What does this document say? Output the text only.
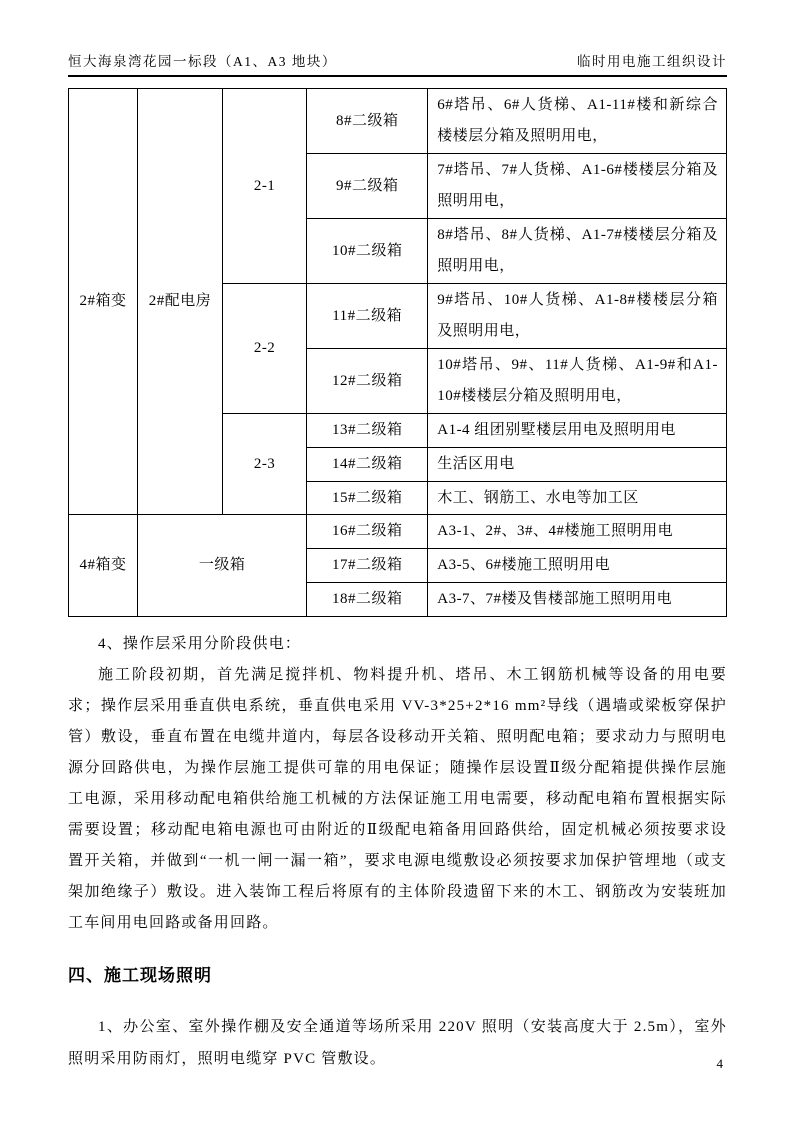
恒大海泉湾花园一标段（A1、A3 地块）	临时用电施工组织设计
2#箱变	2#配电房	2-1	8#二级箱	6#塔吊、6#人货梯、A1-11#楼和新综合楼楼层分箱及照明用电，
			9#二级箱	7#塔吊、7#人货梯、A1-6#楼楼层分箱及照明用电，
			10#二级箱	8#塔吊、8#人货梯、A1-7#楼楼层分箱及照明用电，
		2-2	11#二级箱	9#塔吊、10#人货梯、A1-8#楼楼层分箱及照明用电，
			12#二级箱	10#塔吊、9#、11#人货梯、A1-9#和A1-10#楼楼层分箱及照明用电，
		2-3	13#二级箱	A1-4 组团别墅楼层用电及照明用电
			14#二级箱	生活区用电
			15#二级箱	木工、钢筋工、水电等加工区
4#箱变	一级箱		16#二级箱	A3-1、2#、3#、4#楼施工照明用电
			17#二级箱	A3-5、6#楼施工照明用电
			18#二级箱	A3-7、7#楼及售楼部施工照明用电

4、操作层采用分阶段供电：

施工阶段初期，首先满足搅拌机、物料提升机、塔吊、木工钢筋机械等设备的用电要求；操作层采用垂直供电系统，垂直供电采用 VV-3*25+2*16 mm²导线（遇墙或梁板穿保护管）敷设，垂直布置在电缆井道内，每层各设移动开关箱、照明配电箱；要求动力与照明电源分回路供电，为操作层施工提供可靠的用电保证；随操作层设置Ⅱ级分配箱提供操作层施工电源，采用移动配电箱供给施工机械的方法保证施工用电需要，移动配电箱布置根据实际需要设置；移动配电箱电源也可由附近的Ⅱ级配电箱备用回路供给，固定机械必须按要求设置开关箱，并做到“一机一闸一漏一箱”，要求电源电缆敷设必须按要求加保护管埋地（或支架加绝缘子）敷设。进入装饰工程后将原有的主体阶段遗留下来的木工、钢筋改为安装班加工车间用电回路或备用回路。

四、施工现场照明

1、办公室、室外操作棚及安全通道等场所采用 220V 照明（安装高度大于 2.5m），室外照明采用防雨灯，照明电缆穿 PVC 管敷设。	4
